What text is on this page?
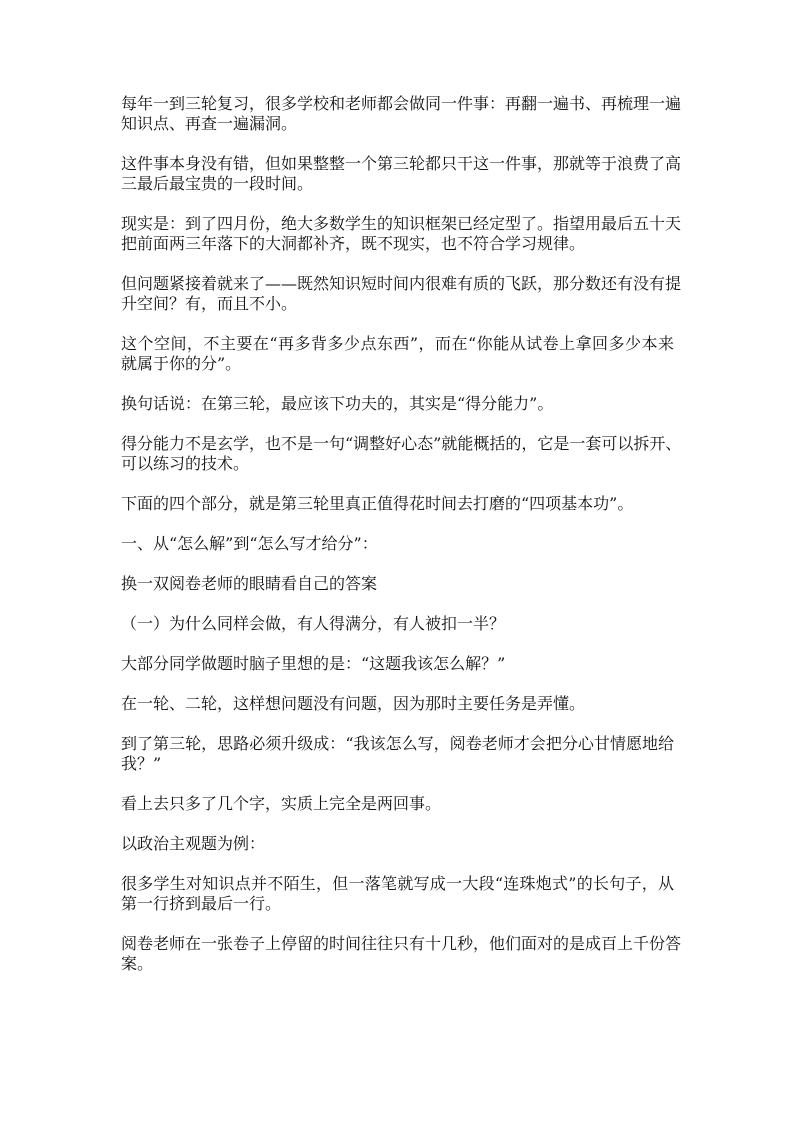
每年一到三轮复习，很多学校和老师都会做同一件事：再翻一遍书、再梳理一遍
知识点、再查一遍漏洞。

这件事本身没有错，但如果整整一个第三轮都只干这一件事，那就等于浪费了高
三最后最宝贵的一段时间。

现实是：到了四月份，绝大多数学生的知识框架已经定型了。指望用最后五十天
把前面两三年落下的大洞都补齐，既不现实，也不符合学习规律。

但问题紧接着就来了——既然知识短时间内很难有质的飞跃，那分数还有没有提
升空间？有，而且不小。

这个空间，不主要在“再多背多少点东西”，而在“你能从试卷上拿回多少本来
就属于你的分”。

换句话说：在第三轮，最应该下功夫的，其实是“得分能力”。

得分能力不是玄学，也不是一句“调整好心态”就能概括的，它是一套可以拆开、
可以练习的技术。

下面的四个部分，就是第三轮里真正值得花时间去打磨的“四项基本功”。

一、从“怎么解”到“怎么写才给分”：

换一双阅卷老师的眼睛看自己的答案

（一）为什么同样会做，有人得满分，有人被扣一半？

大部分同学做题时脑子里想的是：“这题我该怎么解？”

在一轮、二轮，这样想问题没有问题，因为那时主要任务是弄懂。

到了第三轮，思路必须升级成：“我该怎么写，阅卷老师才会把分心甘情愿地给
我？”

看上去只多了几个字，实质上完全是两回事。

以政治主观题为例：

很多学生对知识点并不陌生，但一落笔就写成一大段“连珠炮式”的长句子，从
第一行挤到最后一行。

阅卷老师在一张卷子上停留的时间往往只有十几秒，他们面对的是成百上千份答
案。
